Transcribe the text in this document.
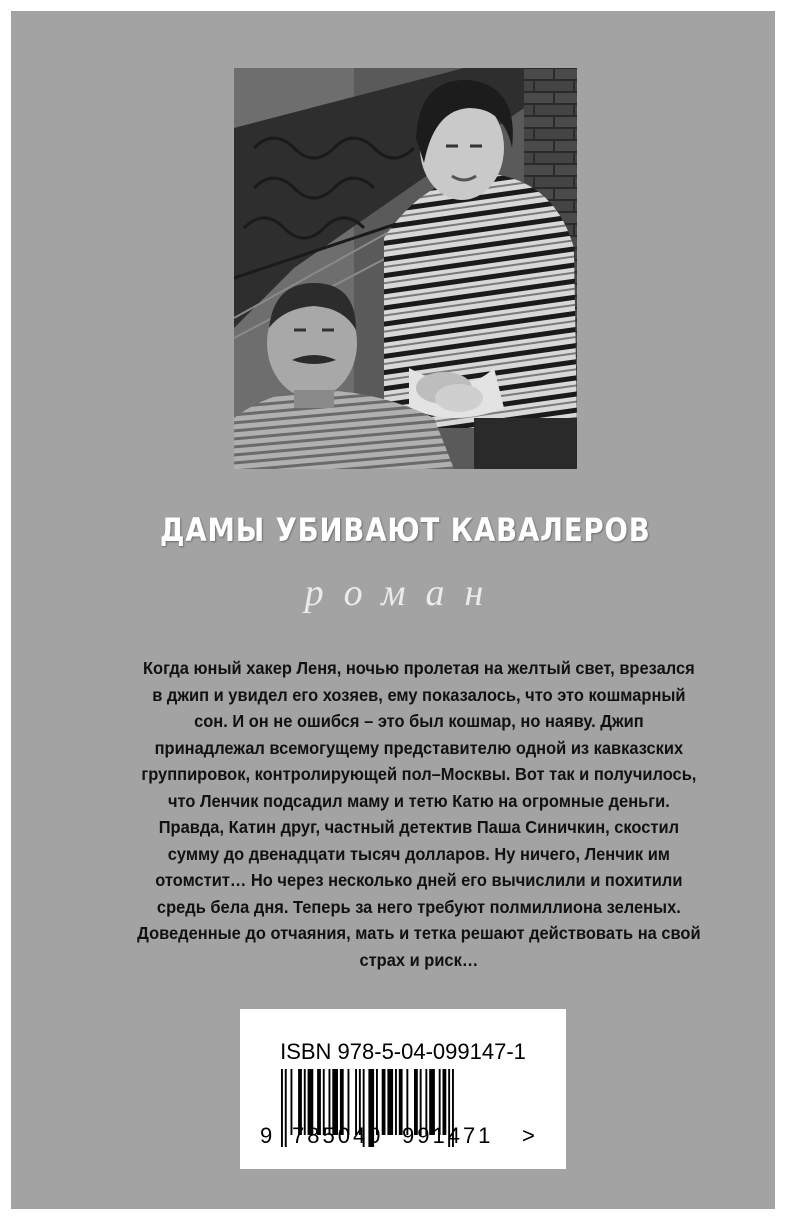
ДАМЫ УБИВАЮТ КАВАЛЕРОВ
роман
Когда юный хакер Леня, ночью пролетая на желтый свет, врезался
в джип и увидел его хозяев, ему показалось, что это кошмарный
сон. И он не ошибся – это был кошмар, но наяву. Джип
принадлежал всемогущему представителю одной из кавказских
группировок, контролирующей пол–Москвы. Вот так и получилось,
что Ленчик подсадил маму и тетю Катю на огромные деньги.
Правда, Катин друг, частный детектив Паша Синичкин, скостил
сумму до двенадцати тысяч долларов. Ну ничего, Ленчик им
отомстит… Но через несколько дней его вычислили и похитили
средь бела дня. Теперь за него требуют полмиллиона зеленых.
Доведенные до отчаяния, мать и тетка решают действовать на свой
страх и риск…
ISBN 978-5-04-099147-1
9 785040 991471 >
